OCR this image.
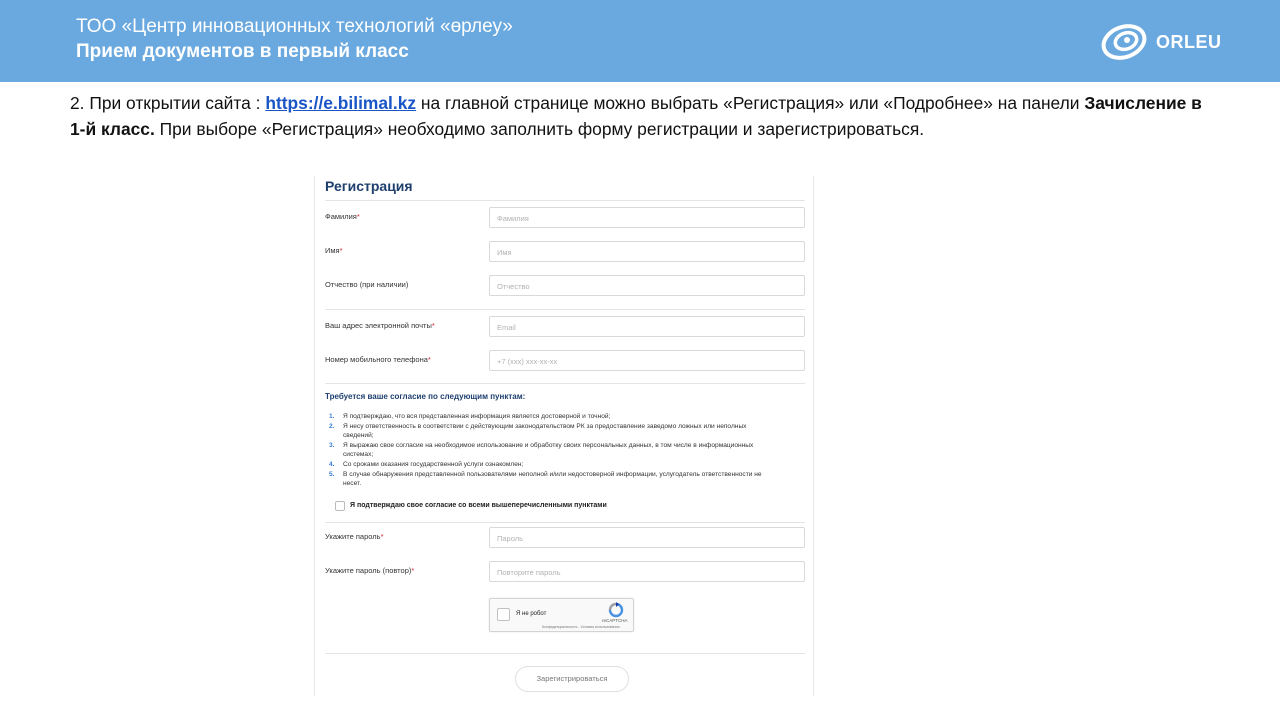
ТОО «Центр инновационных технологий «өрлеу»
Прием документов в первый класс	ORLEU
2. При открытии сайта : https://e.bilimal.kz на главной странице можно выбрать «Регистрация» или «Подробнее» на панели Зачисление в 1-й класс. При выборе «Регистрация» необходимо заполнить форму регистрации и зарегистрироваться.
Регистрация
Фамилия*	Фамилия
Имя*	Имя
Отчество (при наличии)	Отчество
Ваш адрес электронной почты*	Email
Номер мобильного телефона*	+7 (xxx) xxx-xx-xx
Требуется ваше согласие по следующим пунктам:
1. Я подтверждаю, что вся представленная информация является достоверной и точной;
2. Я несу ответственность в соответствии с действующим законодательством РК за предоставление заведомо ложных или неполных сведений;
3. Я выражаю свое согласие на необходимое использование и обработку своих персональных данных, в том числе в информационных системах;
4. Со сроками оказания государственной услуги ознакомлен;
5. В случае обнаружения представленной пользователями неполной и/или недостоверной информации, услугодатель ответственности не несет.
Я подтверждаю свое согласие со всеми вышеперечисленными пунктами
Укажите пароль*	Пароль
Укажите пароль (повтор)*	Повторите пароль
Я не робот
reCAPTCHA
Конфиденциальность - Условия использования
Зарегистрироваться
